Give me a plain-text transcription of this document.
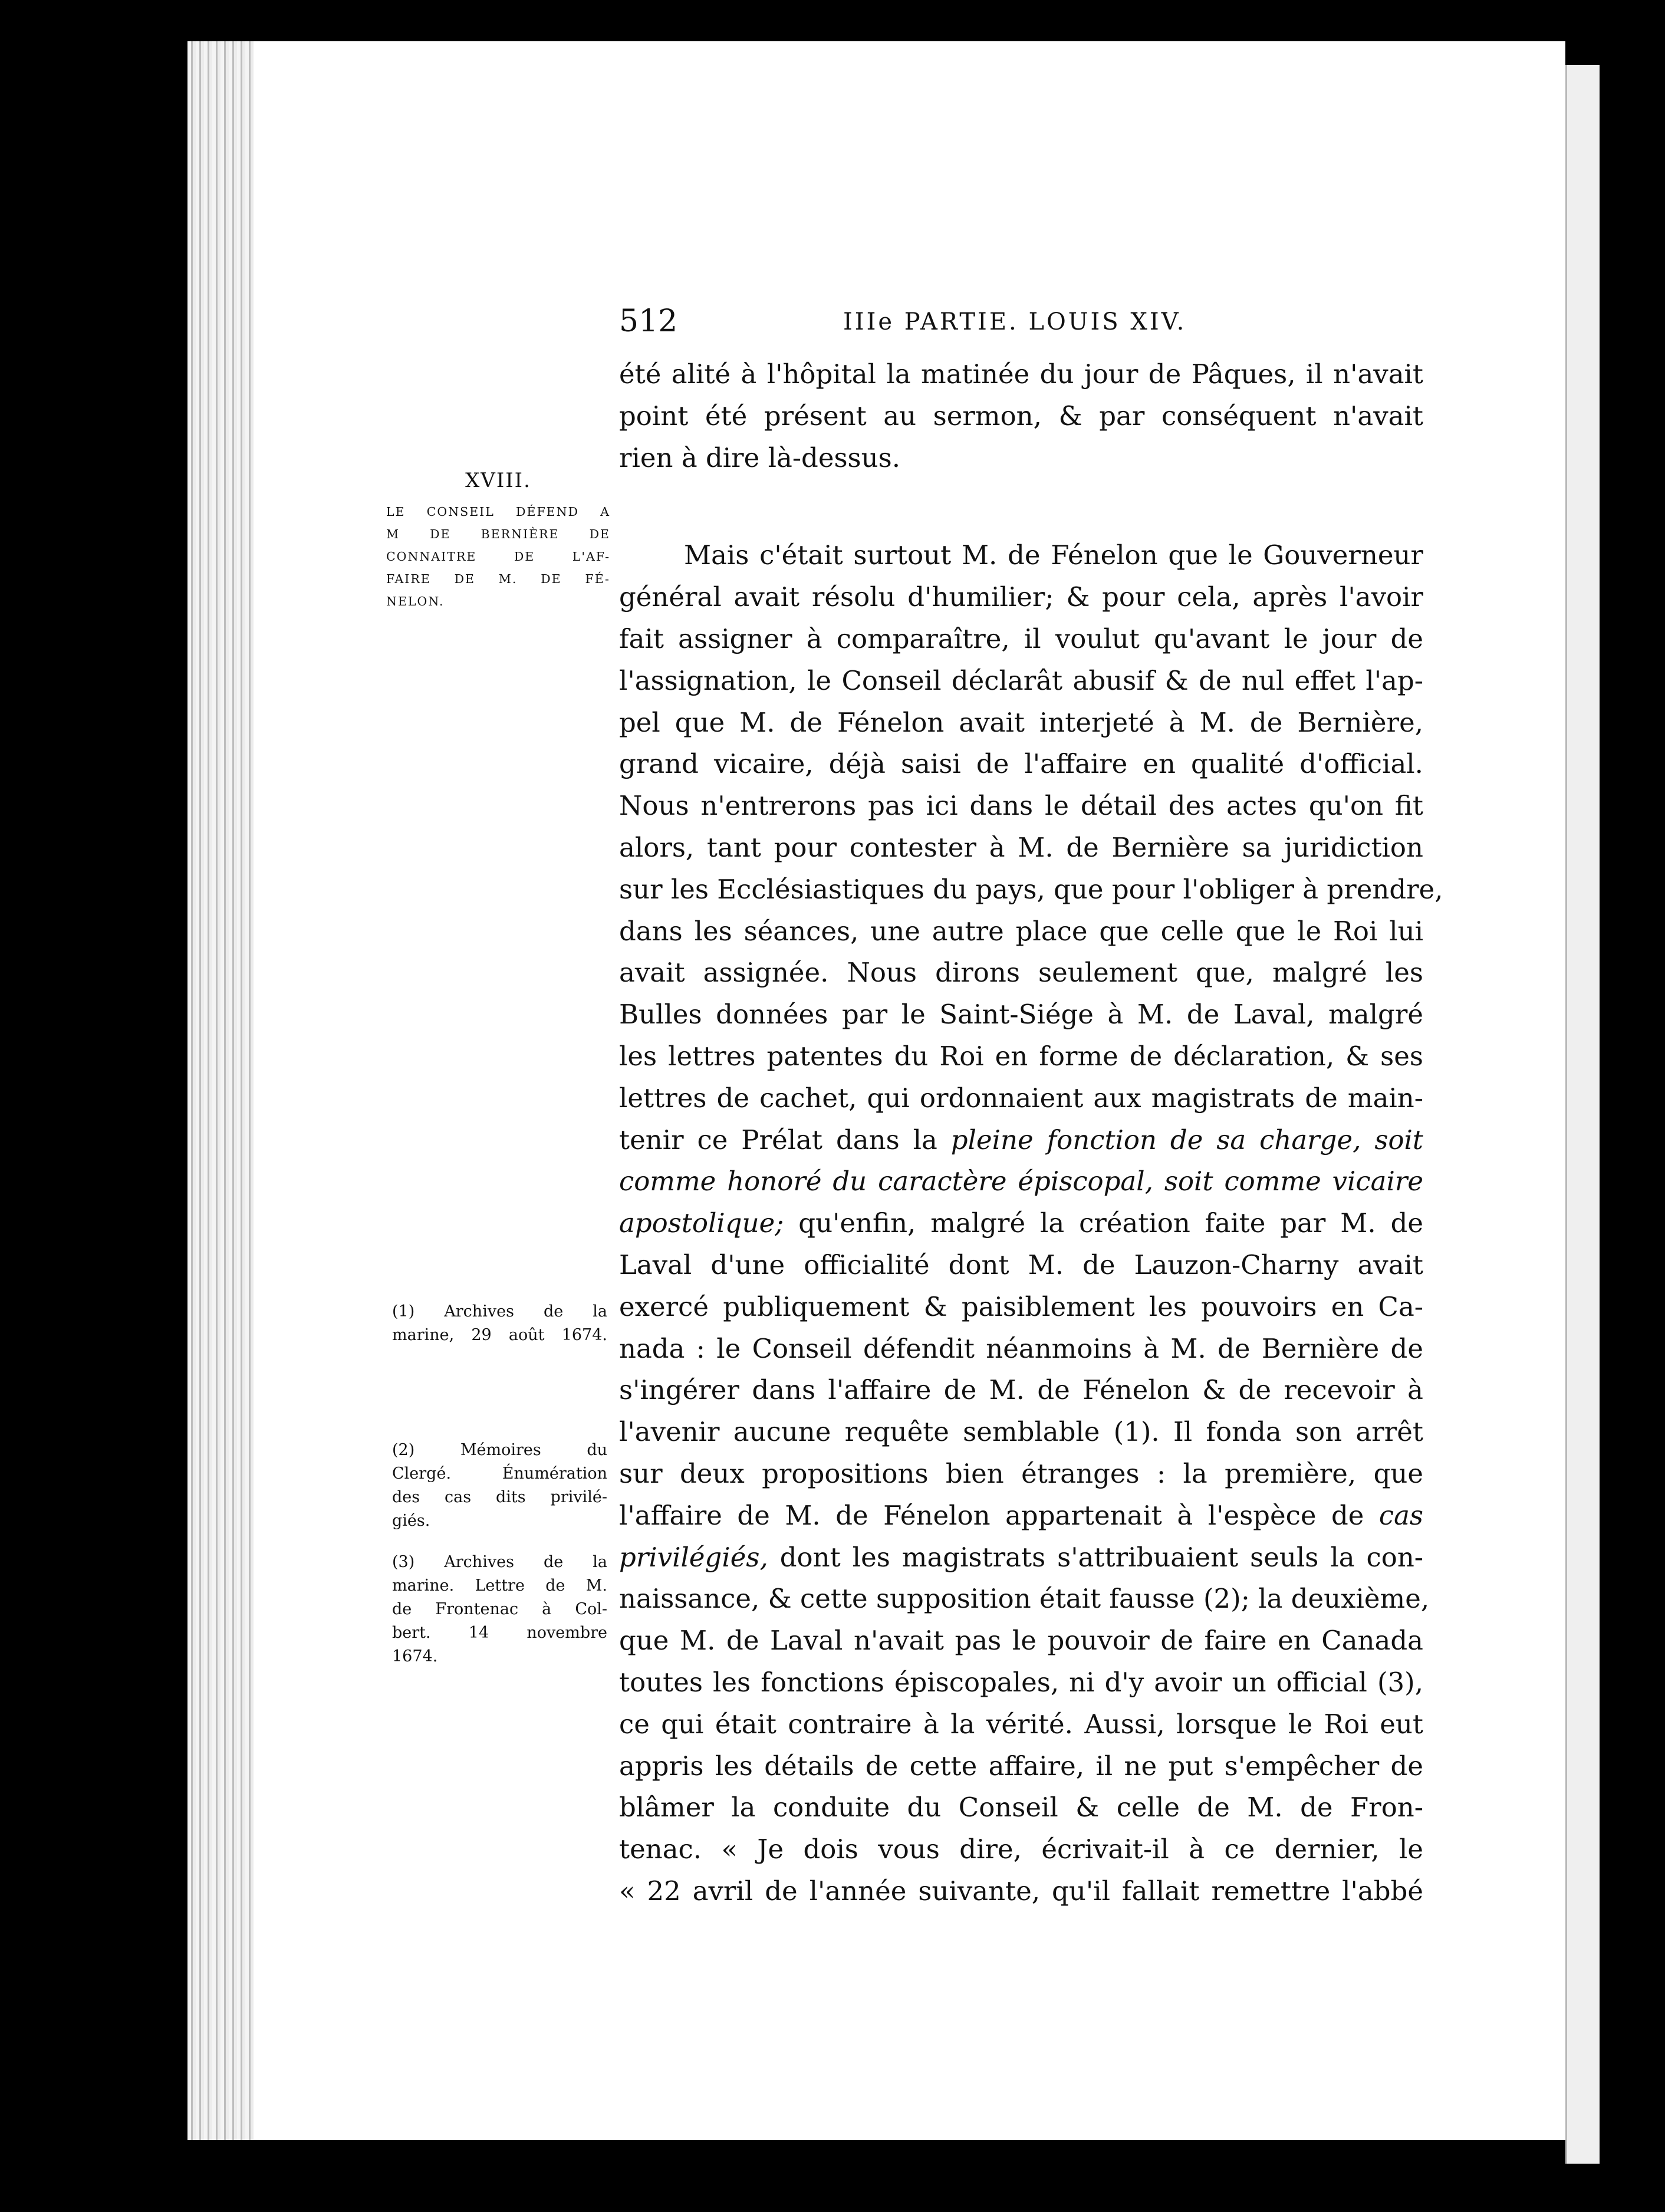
512	IIIe PARTIE. LOUIS XIV.
XVIII.
LE CONSEIL DÉFEND A
M DE BERNIÈRE DE
CONNAITRE DE L'AF-
FAIRE DE M. DE FÉ-
NELON.
(1) Archives de la
marine, 29 août 1674.
(2) Mémoires du
Clergé. Énumération
des cas dits privilé-
giés.
(3) Archives de la
marine. Lettre de M.
de Frontenac à Col-
bert. 14 novembre
1674.
été alité à l'hôpital la matinée du jour de Pâques, il n'avait
point été présent au sermon, & par conséquent n'avait
rien à dire là-dessus.
Mais c'était surtout M. de Fénelon que le Gouverneur
général avait résolu d'humilier; & pour cela, après l'avoir
fait assigner à comparaître, il voulut qu'avant le jour de
l'assignation, le Conseil déclarât abusif & de nul effet l'ap-
pel que M. de Fénelon avait interjeté à M. de Bernière,
grand vicaire, déjà saisi de l'affaire en qualité d'official.
Nous n'entrerons pas ici dans le détail des actes qu'on fit
alors, tant pour contester à M. de Bernière sa juridiction
sur les Ecclésiastiques du pays, que pour l'obliger à prendre,
dans les séances, une autre place que celle que le Roi lui
avait assignée. Nous dirons seulement que, malgré les
Bulles données par le Saint-Siége à M. de Laval, malgré
les lettres patentes du Roi en forme de déclaration, & ses
lettres de cachet, qui ordonnaient aux magistrats de main-
tenir ce Prélat dans la pleine fonction de sa charge, soit
comme honoré du caractère épiscopal, soit comme vicaire
apostolique; qu'enfin, malgré la création faite par M. de
Laval d'une officialité dont M. de Lauzon-Charny avait
exercé publiquement & paisiblement les pouvoirs en Ca-
nada : le Conseil défendit néanmoins à M. de Bernière de
s'ingérer dans l'affaire de M. de Fénelon & de recevoir à
l'avenir aucune requête semblable (1). Il fonda son arrêt
sur deux propositions bien étranges : la première, que
l'affaire de M. de Fénelon appartenait à l'espèce de cas
privilégiés, dont les magistrats s'attribuaient seuls la con-
naissance, & cette supposition était fausse (2); la deuxième,
que M. de Laval n'avait pas le pouvoir de faire en Canada
toutes les fonctions épiscopales, ni d'y avoir un official (3),
ce qui était contraire à la vérité. Aussi, lorsque le Roi eut
appris les détails de cette affaire, il ne put s'empêcher de
blâmer la conduite du Conseil & celle de M. de Fron-
tenac. « Je dois vous dire, écrivait-il à ce dernier, le
« 22 avril de l'année suivante, qu'il fallait remettre l'abbé
